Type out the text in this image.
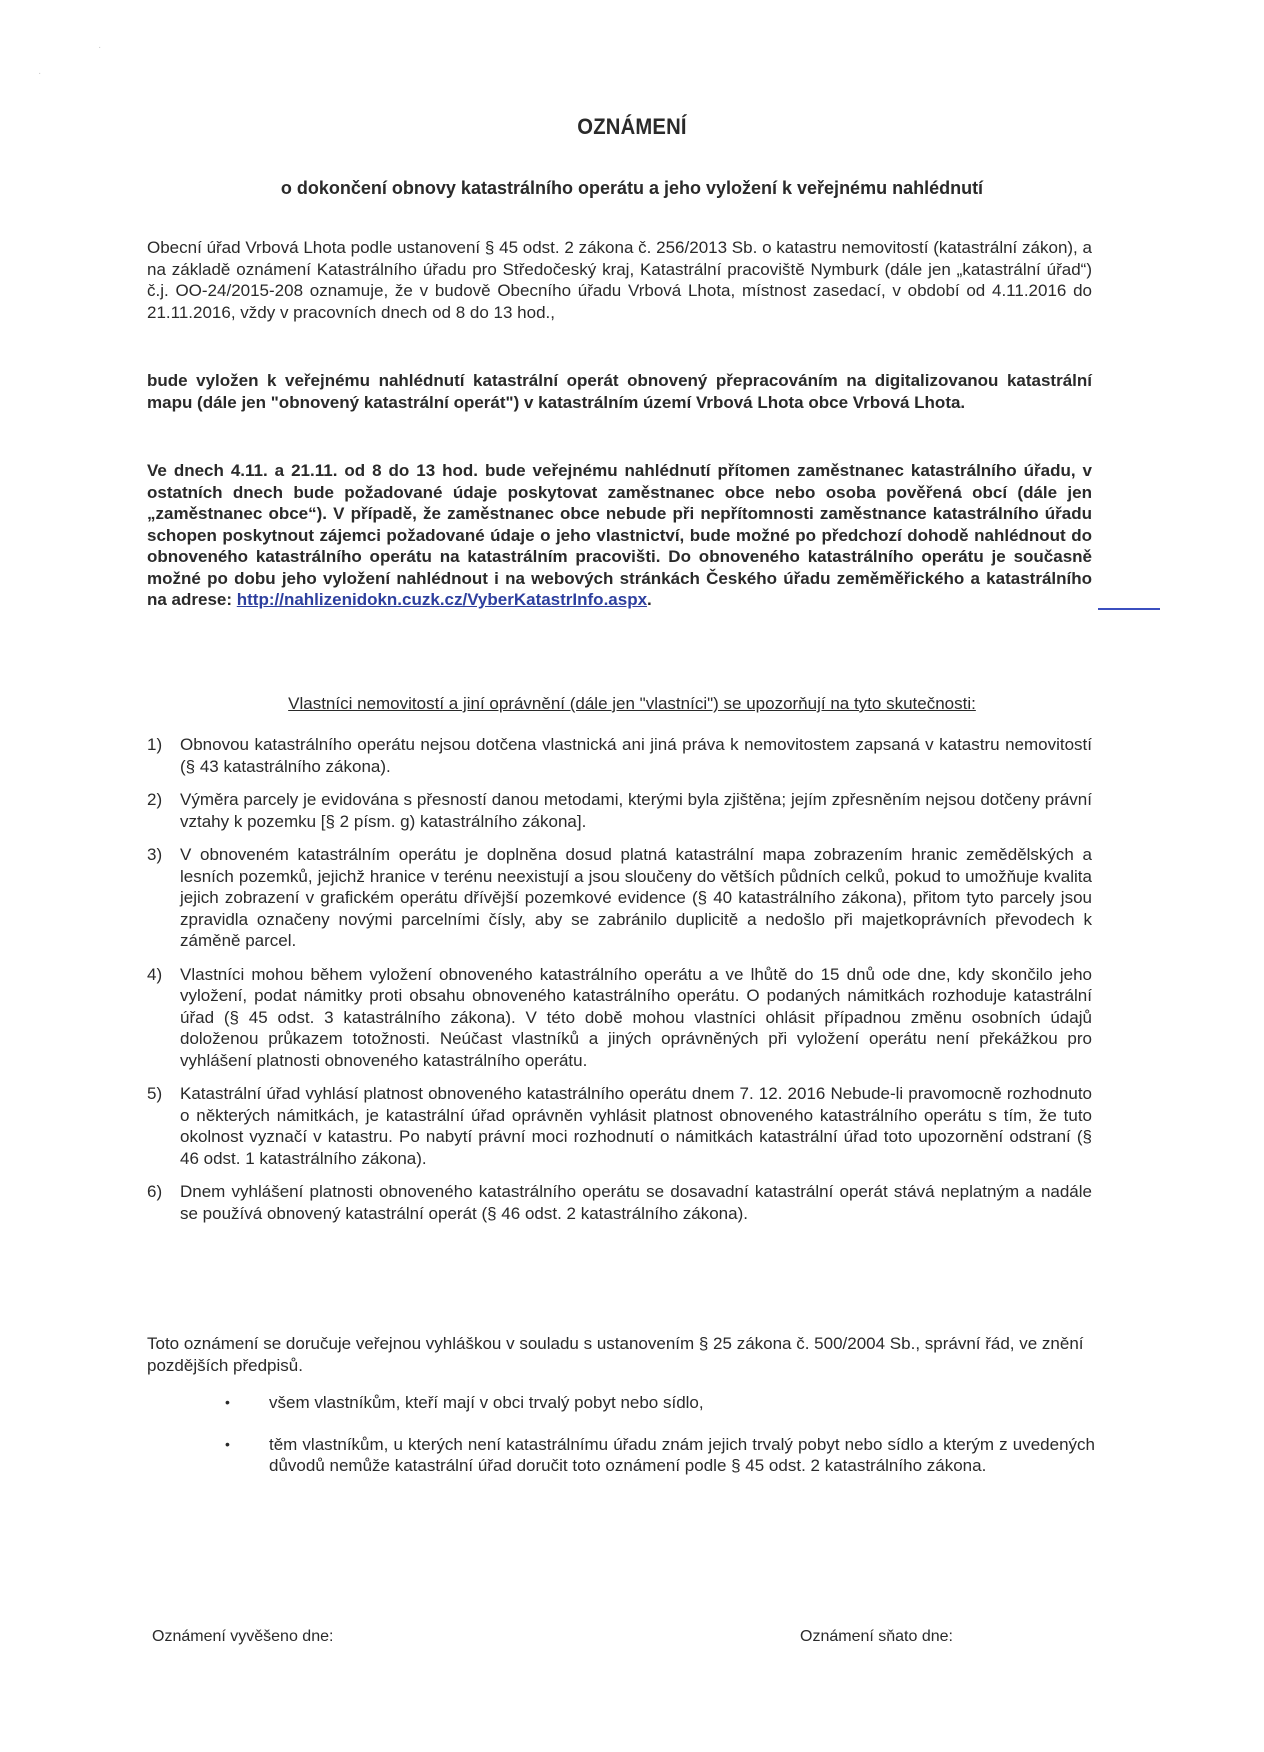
·
·
OZNÁMENÍ
o dokončení obnovy katastrálního operátu a jeho vyložení k veřejnému nahlédnutí
Obecní úřad Vrbová Lhota podle ustanovení § 45 odst. 2 zákona č. 256/2013 Sb. o katastru nemovitostí (katastrální zákon), a na základě oznámení Katastrálního úřadu pro Středočeský kraj, Katastrální pracoviště Nymburk (dále jen „katastrální úřad“) č.j. OO-24/2015-208 oznamuje, že v budově Obecního úřadu Vrbová Lhota, místnost zasedací, v období od 4.11.2016 do 21.11.2016, vždy v pracovních dnech od 8 do 13 hod.,
bude vyložen k veřejnému nahlédnutí katastrální operát obnovený přepracováním na digitalizovanou katastrální mapu (dále jen "obnovený katastrální operát") v katastrálním území Vrbová Lhota obce Vrbová Lhota.
Ve dnech 4.11. a 21.11. od 8 do 13 hod. bude veřejnému nahlédnutí přítomen zaměstnanec katastrálního úřadu, v ostatních dnech bude požadované údaje poskytovat zaměstnanec obce nebo osoba pověřená obcí (dále jen „zaměstnanec obce“). V případě, že zaměstnanec obce nebude při nepřítomnosti zaměstnance katastrálního úřadu schopen poskytnout zájemci požadované údaje o jeho vlastnictví, bude možné po předchozí dohodě nahlédnout do obnoveného katastrálního operátu na katastrálním pracovišti. Do obnoveného katastrálního operátu je současně možné po dobu jeho vyložení nahlédnout i na webových stránkách Českého úřadu zeměměřického a katastrálního na adrese: http://nahlizenidokn.cuzk.cz/VyberKatastrInfo.aspx.
Vlastníci nemovitostí a jiní oprávnění (dále jen "vlastníci") se upozorňují na tyto skutečnosti:
1) Obnovou katastrálního operátu nejsou dotčena vlastnická ani jiná práva k nemovitostem zapsaná v katastru nemovitostí (§ 43 katastrálního zákona).
2) Výměra parcely je evidována s přesností danou metodami, kterými byla zjištěna; jejím zpřesněním nejsou dotčeny právní vztahy k pozemku [§ 2 písm. g) katastrálního zákona].
3) V obnoveném katastrálním operátu je doplněna dosud platná katastrální mapa zobrazením hranic zemědělských a lesních pozemků, jejichž hranice v terénu neexistují a jsou sloučeny do větších půdních celků, pokud to umožňuje kvalita jejich zobrazení v grafickém operátu dřívější pozemkové evidence (§ 40 katastrálního zákona), přitom tyto parcely jsou zpravidla označeny novými parcelními čísly, aby se zabránilo duplicitě a nedošlo při majetkoprávních převodech k záměně parcel.
4) Vlastníci mohou během vyložení obnoveného katastrálního operátu a ve lhůtě do 15 dnů ode dne, kdy skončilo jeho vyložení, podat námitky proti obsahu obnoveného katastrálního operátu. O podaných námitkách rozhoduje katastrální úřad (§ 45 odst. 3 katastrálního zákona). V této době mohou vlastníci ohlásit případnou změnu osobních údajů doloženou průkazem totožnosti. Neúčast vlastníků a jiných oprávněných při vyložení operátu není překážkou pro vyhlášení platnosti obnoveného katastrálního operátu.
5) Katastrální úřad vyhlásí platnost obnoveného katastrálního operátu dnem 7. 12. 2016 Nebude-li pravomocně rozhodnuto o některých námitkách, je katastrální úřad oprávněn vyhlásit platnost obnoveného katastrálního operátu s tím, že tuto okolnost vyznačí v katastru. Po nabytí právní moci rozhodnutí o námitkách katastrální úřad toto upozornění odstraní (§ 46 odst. 1 katastrálního zákona).
6) Dnem vyhlášení platnosti obnoveného katastrálního operátu se dosavadní katastrální operát stává neplatným a nadále se používá obnovený katastrální operát (§ 46 odst. 2 katastrálního zákona).
Toto oznámení se doručuje veřejnou vyhláškou v souladu s ustanovením § 25 zákona č. 500/2004 Sb., správní řád, ve znění pozdějších předpisů.
• všem vlastníkům, kteří mají v obci trvalý pobyt nebo sídlo,
• těm vlastníkům, u kterých není katastrálnímu úřadu znám jejich trvalý pobyt nebo sídlo a kterým z uvedených důvodů nemůže katastrální úřad doručit toto oznámení podle § 45 odst. 2 katastrálního zákona.
Oznámení vyvěšeno dne:	Oznámení sňato dne:
